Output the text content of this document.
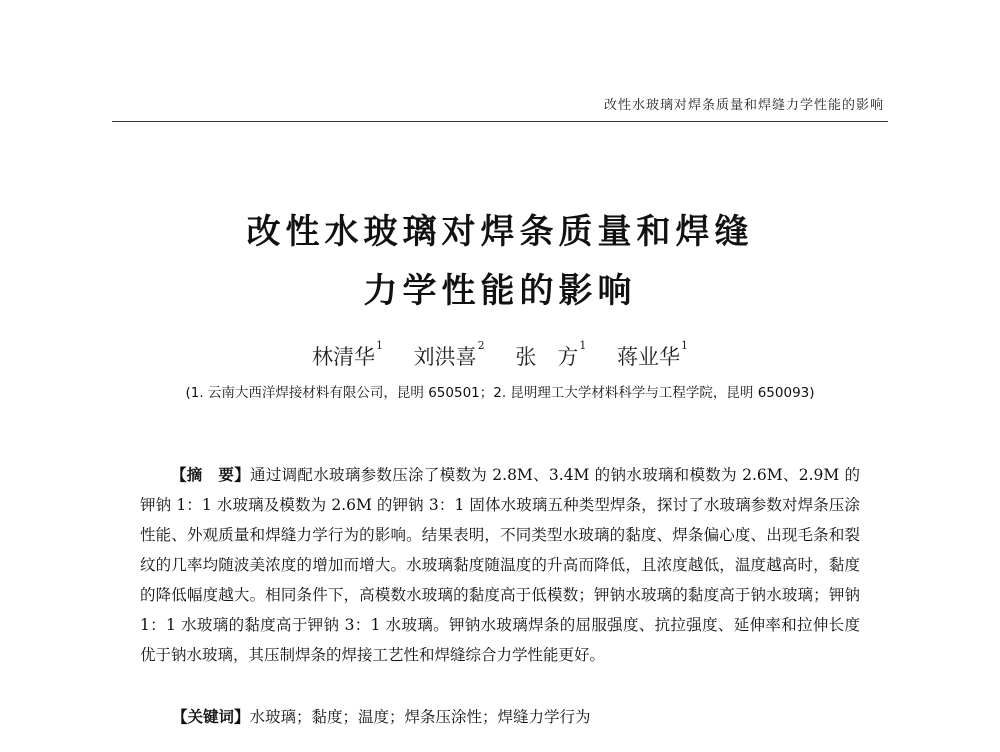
改性水玻璃对焊条质量和焊缝力学性能的影响
改性水玻璃对焊条质量和焊缝
力学性能的影响
林清华$^1$ 刘洪喜$^2$ 张　方$^1$ 蒋业华$^1$
(1. 云南大西洋焊接材料有限公司，昆明 650501；2. 昆明理工大学材料科学与工程学院，昆明 650093)
【摘　要】通过调配水玻璃参数压涂了模数为 2.8M、3.4M 的钠水玻璃和模数为 2.6M、2.9M 的钾钠 1：1 水玻璃及模数为 2.6M 的钾钠 3：1 固体水玻璃五种类型焊条，探讨了水玻璃参数对焊条压涂性能、外观质量和焊缝力学行为的影响。结果表明，不同类型水玻璃的黏度、焊条偏心度、出现毛条和裂纹的几率均随波美浓度的增加而增大。水玻璃黏度随温度的升高而降低，且浓度越低，温度越高时，黏度的降低幅度越大。相同条件下，高模数水玻璃的黏度高于低模数；钾钠水玻璃的黏度高于钠水玻璃；钾钠 1：1 水玻璃的黏度高于钾钠 3：1 水玻璃。钾钠水玻璃焊条的屈服强度、抗拉强度、延伸率和拉伸长度优于钠水玻璃，其压制焊条的焊接工艺性和焊缝综合力学性能更好。
【关键词】水玻璃；黏度；温度；焊条压涂性；焊缝力学行为
